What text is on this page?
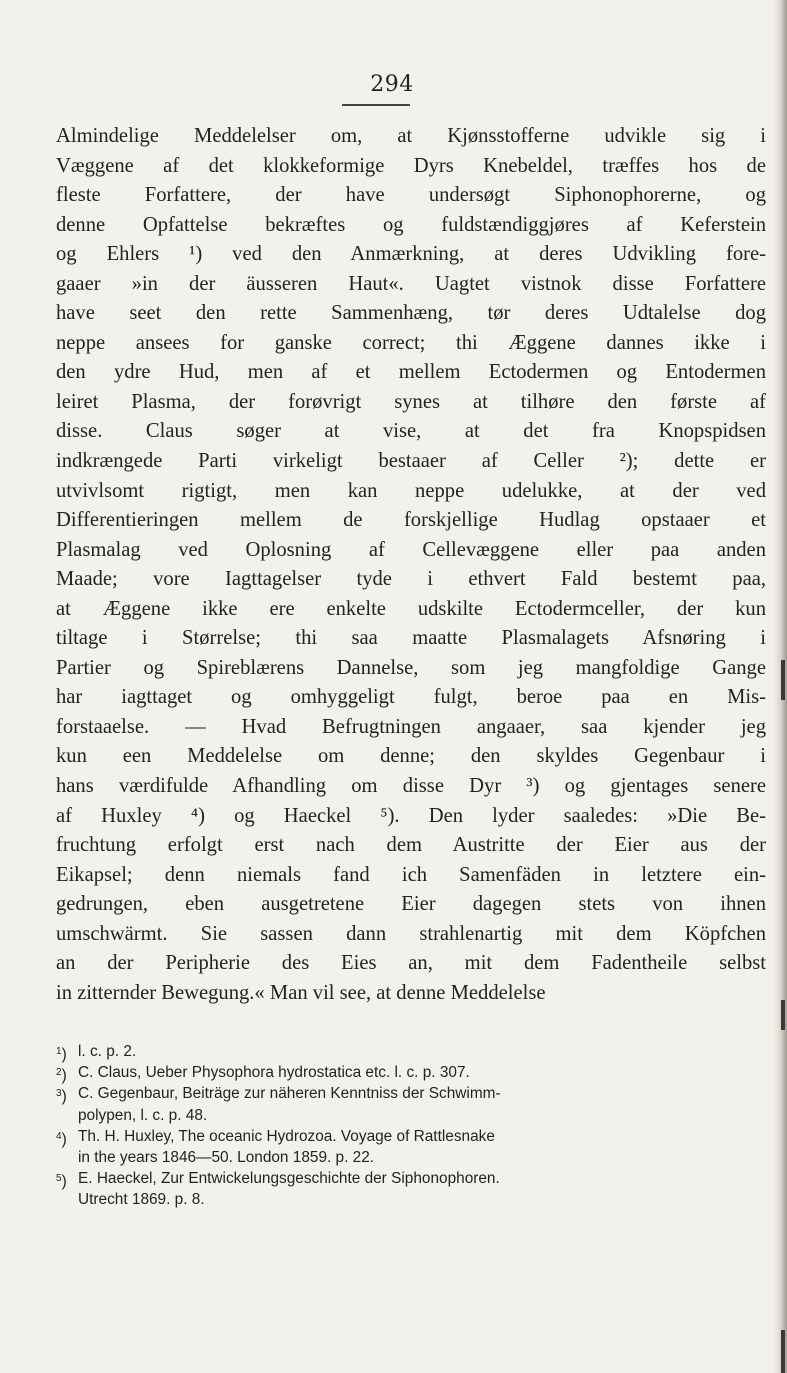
294
Almindelige Meddelelser om, at Kjønsstofferne udvikle sig i
Væggene af det klokkeformige Dyrs Knebeldel, træffes hos de
fleste Forfattere, der have undersøgt Siphonophorerne, og
denne Opfattelse bekræftes og fuldstændiggjøres af Keferstein
og Ehlers ¹) ved den Anmærkning, at deres Udvikling fore-
gaaer »in der äusseren Haut«. Uagtet vistnok disse Forfattere
have seet den rette Sammenhæng, tør deres Udtalelse dog
neppe ansees for ganske correct; thi Æggene dannes ikke i
den ydre Hud, men af et mellem Ectodermen og Entodermen
leiret Plasma, der forøvrigt synes at tilhøre den første af
disse. Claus søger at vise, at det fra Knopspidsen
indkrængede Parti virkeligt bestaaer af Celler ²); dette er
utvivlsomt rigtigt, men kan neppe udelukke, at der ved
Differentieringen mellem de forskjellige Hudlag opstaaer et
Plasmalag ved Oplosning af Cellevæggene eller paa anden
Maade; vore Iagttagelser tyde i ethvert Fald bestemt paa,
at Æggene ikke ere enkelte udskilte Ectodermceller, der kun
tiltage i Størrelse; thi saa maatte Plasmalagets Afsnøring i
Partier og Spireblærens Dannelse, som jeg mangfoldige Gange
har iagttaget og omhyggeligt fulgt, beroe paa en Mis-
forstaaelse. — Hvad Befrugtningen angaaer, saa kjender jeg
kun een Meddelelse om denne; den skyldes Gegenbaur i
hans værdifulde Afhandling om disse Dyr ³) og gjentages senere
af Huxley ⁴) og Haeckel ⁵). Den lyder saaledes: »Die Be-
fruchtung erfolgt erst nach dem Austritte der Eier aus der
Eikapsel; denn niemals fand ich Samenfäden in letztere ein-
gedrungen, eben ausgetretene Eier dagegen stets von ihnen
umschwärmt. Sie sassen dann strahlenartig mit dem Köpfchen
an der Peripherie des Eies an, mit dem Fadentheile selbst
in zitternder Bewegung.« Man vil see, at denne Meddelelse
$^1$) l. c. p. 2.
$^2$) C. Claus, Ueber Physophora hydrostatica etc. l. c. p. 307.
$^3$) C. Gegenbaur, Beiträge zur näheren Kenntniss der Schwimm-
polypen, l. c. p. 48.
$^4$) Th. H. Huxley, The oceanic Hydrozoa. Voyage of Rattlesnake
in the years 1846—50. London 1859. p. 22.
$^5$) E. Haeckel, Zur Entwickelungsgeschichte der Siphonophoren.
Utrecht 1869. p. 8.
